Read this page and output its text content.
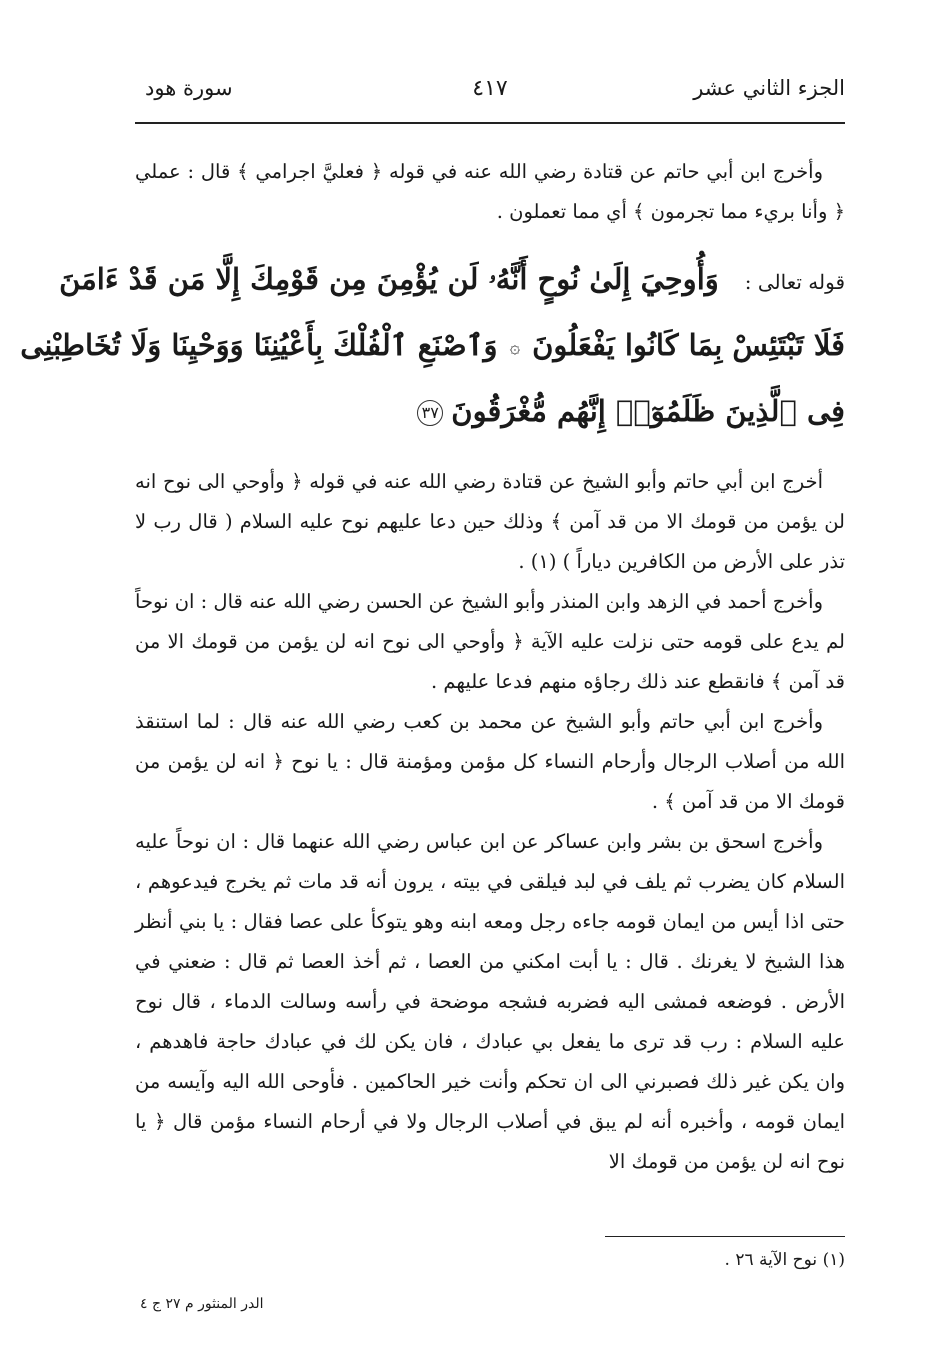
الجزء الثاني عشر
٤١٧
سورة هود

وأخرج ابن أبي حاتم عن قتادة رضي الله عنه في قوله ﴿ فعليَّ اجرامي ﴾ قال : عملي ﴿ وأنا بريء مما تجرمون ﴾ أي مما تعملون .

قوله تعالى :وَأُوحِيَ إِلَىٰ نُوحٍ أَنَّهُۥ لَن يُؤْمِنَ مِن قَوْمِكَ إِلَّا مَن قَدْ ءَامَنَ
فَلَا تَبْتَئِسْ بِمَا كَانُوا يَفْعَلُونَ۞وَٱصْنَعِ ٱلْفُلْكَ بِأَعْيُنِنَا وَوَحْيِنَا وَلَا تُخَاطِبْنِى
فِى ٱلَّذِينَ ظَلَمُوٓا۟ إِنَّهُم مُّغْرَقُونَ٣٧

أخرج ابن أبي حاتم وأبو الشيخ عن قتادة رضي الله عنه في قوله ﴿ وأوحي الى نوح انه لن يؤمن من قومك الا من قد آمن ﴾ وذلك حين دعا عليهم نوح عليه السلام ( قال رب لا تذر على الأرض من الكافرين دياراً ) (١) .

وأخرج أحمد في الزهد وابن المنذر وأبو الشيخ عن الحسن رضي الله عنه قال : ان نوحاً لم يدع على قومه حتى نزلت عليه الآية ﴿ وأوحي الى نوح انه لن يؤمن من قومك الا من قد آمن ﴾ فانقطع عند ذلك رجاؤه منهم فدعا عليهم .

وأخرج ابن أبي حاتم وأبو الشيخ عن محمد بن كعب رضي الله عنه قال : لما استنقذ الله من أصلاب الرجال وأرحام النساء كل مؤمن ومؤمنة قال : يا نوح ﴿ انه لن يؤمن من قومك الا من قد آمن ﴾ .

وأخرج اسحق بن بشر وابن عساكر عن ابن عباس رضي الله عنهما قال : ان نوحاً عليه السلام كان يضرب ثم يلف في لبد فيلقى في بيته ، يرون أنه قد مات ثم يخرج فيدعوهم ، حتى اذا أيس من ايمان قومه جاءه رجل ومعه ابنه وهو يتوكأ على عصا فقال : يا بني أنظر هذا الشيخ لا يغرنك . قال : يا أبت امكني من العصا ، ثم أخذ العصا ثم قال : ضعني في الأرض . فوضعه فمشى اليه فضربه فشجه موضحة في رأسه وسالت الدماء ، قال نوح عليه السلام : رب قد ترى ما يفعل بي عبادك ، فان يكن لك في عبادك حاجة فاهدهم ، وان يكن غير ذلك فصبرني الى ان تحكم وأنت خير الحاكمين . فأوحى الله اليه وآيسه من ايمان قومه ، وأخبره أنه لم يبق في أصلاب الرجال ولا في أرحام النساء مؤمن قال ﴿ يا نوح انه لن يؤمن من قومك الا

(١) نوح الآية ٢٦ .
الدر المنثور م ٢٧ ج ٤
